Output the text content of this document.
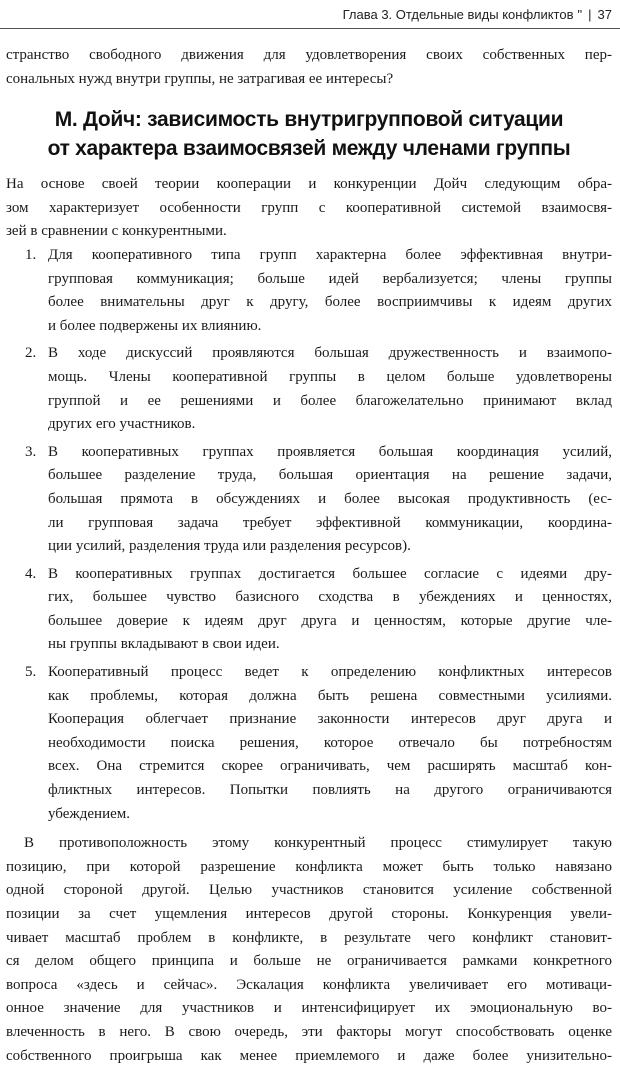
Глава 3. Отдельные виды конфликтов " | 37

странство свободного движения для удовлетворения своих собственных пер-
сональных нужд внутри группы, не затрагивая ее интересы?

М. Дойч: зависимость внутригрупповой ситуации
от характера взаимосвязей между членами группы

На основе своей теории кооперации и конкуренции Дойч следующим обра-
зом характеризует особенности групп с кооперативной системой взаимосвя-
зей в сравнении с конкурентными.

1. Для кооперативного типа групп характерна более эффективная внутри-
групповая коммуникация; больше идей вербализуется; члены группы
более внимательны друг к другу, более восприимчивы к идеям других
и более подвержены их влиянию.
2. В ходе дискуссий проявляются большая дружественность и взаимопо-
мощь. Члены кооперативной группы в целом больше удовлетворены
группой и ее решениями и более благожелательно принимают вклад
других его участников.
3. В кооперативных группах проявляется большая координация усилий,
большее разделение труда, большая ориентация на решение задачи,
большая прямота в обсуждениях и более высокая продуктивность (ес-
ли групповая задача требует эффективной коммуникации, координа-
ции усилий, разделения труда или разделения ресурсов).
4. В кооперативных группах достигается большее согласие с идеями дру-
гих, большее чувство базисного сходства в убеждениях и ценностях,
большее доверие к идеям друг друга и ценностям, которые другие чле-
ны группы вкладывают в свои идеи.
5. Кооперативный процесс ведет к определению конфликтных интересов
как проблемы, которая должна быть решена совместными усилиями.
Кооперация облегчает признание законности интересов друг друга и
необходимости поиска решения, которое отвечало бы потребностям
всех. Она стремится скорее ограничивать, чем расширять масштаб кон-
фликтных интересов. Попытки повлиять на другого ограничиваются
убеждением.

В противоположность этому конкурентный процесс стимулирует такую
позицию, при которой разрешение конфликта может быть только навязано
одной стороной другой. Целью участников становится усиление собственной
позиции за счет ущемления интересов другой стороны. Конкуренция увели-
чивает масштаб проблем в конфликте, в результате чего конфликт становит-
ся делом общего принципа и больше не ограничивается рамками конкретного
вопроса «здесь и сейчас». Эскалация конфликта увеличивает его мотиваци-
онное значение для участников и интенсифицирует их эмоциональную во-
влеченность в него. В свою очередь, эти факторы могут способствовать оценке
собственного проигрыша как менее приемлемого и даже более унизительно-
